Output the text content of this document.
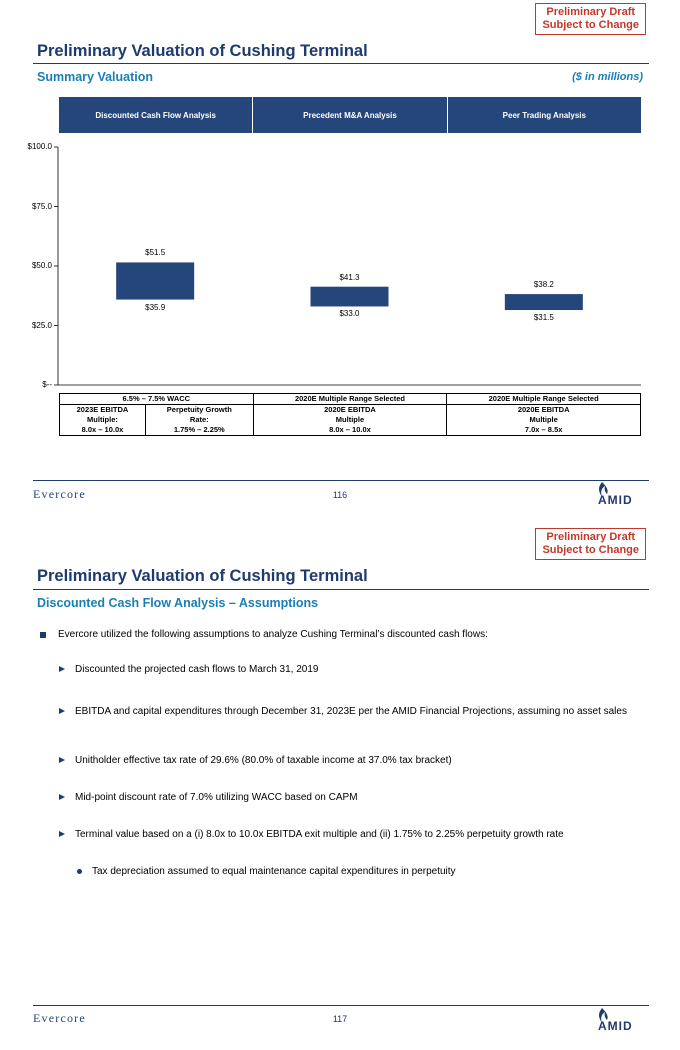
Preliminary Draft
Subject to Change
Preliminary Valuation of Cushing Terminal
Summary Valuation	($ in millions)
Discounted Cash Flow Analysis	Precedent M&A Analysis	Peer Trading Analysis
$100.0
$75.0
$50.0
$25.0
$--
$51.5
$35.9
$41.3
$33.0
$38.2
$31.5
6.5% – 7.5% WACC		2020E Multiple Range Selected	2020E Multiple Range Selected
2023E EBITDA	Perpetuity Growth	2020E EBITDA	2020E EBITDA
Multiple:	Rate:	Multiple	Multiple
8.0x – 10.0x	1.75% – 2.25%	8.0x – 10.0x	7.0x – 8.5x
Evercore	116	AMID
Preliminary Draft
Subject to Change
Preliminary Valuation of Cushing Terminal
Discounted Cash Flow Analysis – Assumptions
Evercore utilized the following assumptions to analyze Cushing Terminal’s discounted cash flows:
Discounted the projected cash flows to March 31, 2019
EBITDA and capital expenditures through December 31, 2023E per the AMID Financial Projections, assuming no asset sales
Unitholder effective tax rate of 29.6% (80.0% of taxable income at 37.0% tax bracket)
Mid-point discount rate of 7.0% utilizing WACC based on CAPM
Terminal value based on a (i) 8.0x to 10.0x EBITDA exit multiple and (ii) 1.75% to 2.25% perpetuity growth rate
Tax depreciation assumed to equal maintenance capital expenditures in perpetuity
Evercore	117	AMID
